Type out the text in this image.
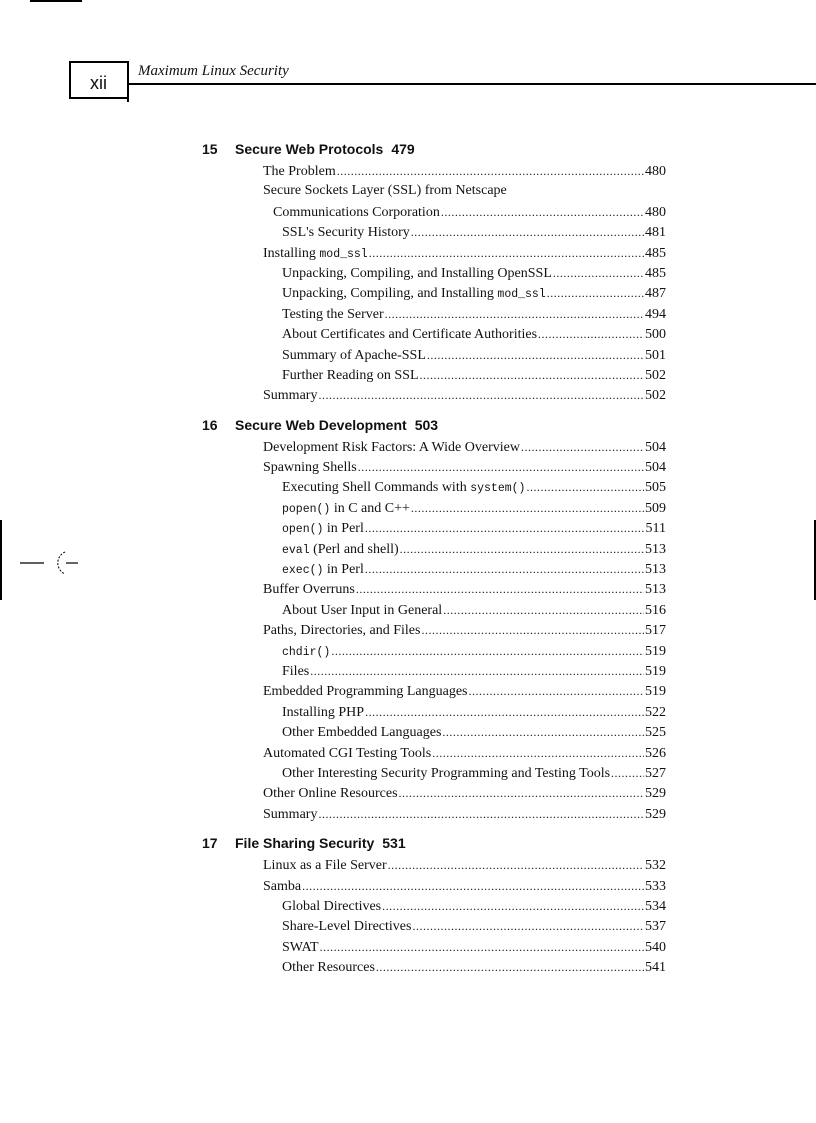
xii
Maximum Linux Security
15 Secure Web Protocols 479
The Problem .....	480
Secure Sockets Layer (SSL) from Netscape
Communications Corporation .....	480
SSL's Security History .....	481
Installing mod_ssl .....	485
Unpacking, Compiling, and Installing OpenSSL .....	485
Unpacking, Compiling, and Installing mod_ssl .....	487
Testing the Server .....	494
About Certificates and Certificate Authorities .....	500
Summary of Apache-SSL .....	501
Further Reading on SSL .....	502
Summary .....	502
16 Secure Web Development 503
Development Risk Factors: A Wide Overview .....	504
Spawning Shells .....	504
Executing Shell Commands with system() .....	505
popen() in C and C++ .....	509
open() in Perl .....	511
eval (Perl and shell) .....	513
exec() in Perl .....	513
Buffer Overruns .....	513
About User Input in General .....	516
Paths, Directories, and Files .....	517
chdir() .....	519
Files .....	519
Embedded Programming Languages .....	519
Installing PHP .....	522
Other Embedded Languages .....	525
Automated CGI Testing Tools .....	526
Other Interesting Security Programming and Testing Tools ..... 527
Other Online Resources .....	529
Summary .....	529
17 File Sharing Security 531
Linux as a File Server .....	532
Samba .....	533
Global Directives .....	534
Share-Level Directives .....	537
SWAT .....	540
Other Resources .....	541
